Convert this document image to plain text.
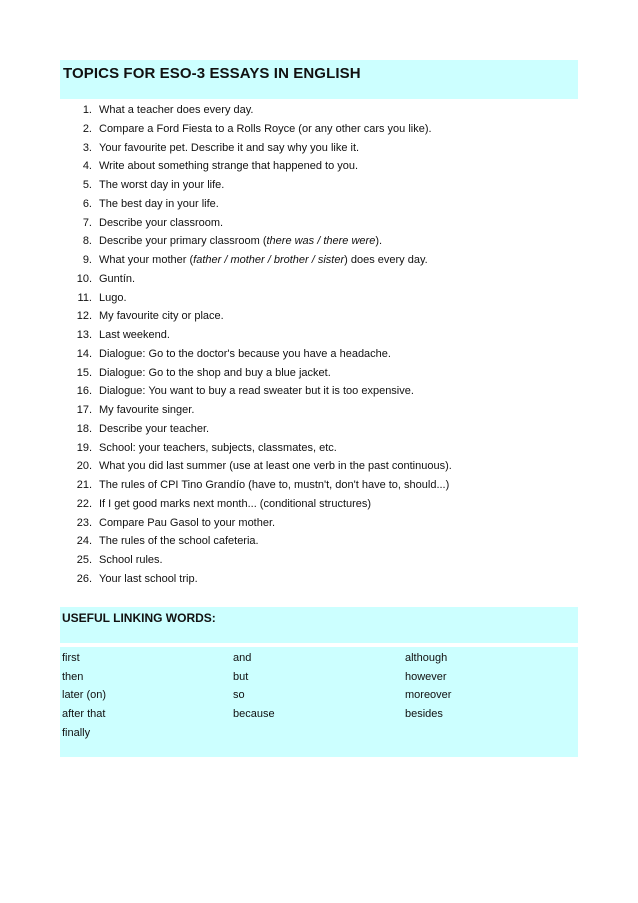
TOPICS FOR ESO-3 ESSAYS IN ENGLISH
1. What a teacher does every day.
2. Compare a Ford Fiesta to a Rolls Royce (or any other cars you like).
3. Your favourite pet. Describe it and say why you like it.
4. Write about something strange that happened to you.
5. The worst day in your life.
6. The best day in your life.
7. Describe your classroom.
8. Describe your primary classroom (there was / there were).
9. What your mother (father / mother / brother / sister) does every day.
10. Guntín.
11. Lugo.
12. My favourite city or place.
13. Last weekend.
14. Dialogue: Go to the doctor's because you have a headache.
15. Dialogue: Go to the shop and buy a blue jacket.
16. Dialogue: You want to buy a read sweater but it is too expensive.
17. My favourite singer.
18. Describe your teacher.
19. School: your teachers, subjects, classmates, etc.
20. What you did last summer (use at least one verb in the past continuous).
21. The rules of CPI Tino Grandío (have to, mustn't, don't have to, should...)
22. If I get good marks next month... (conditional structures)
23. Compare Pau Gasol to your mother.
24. The rules of the school cafeteria.
25. School rules.
26. Your last school trip.
USEFUL LINKING WORDS:
first
then
later (on)
after that
finally
and
but
so
because
although
however
moreover
besides
